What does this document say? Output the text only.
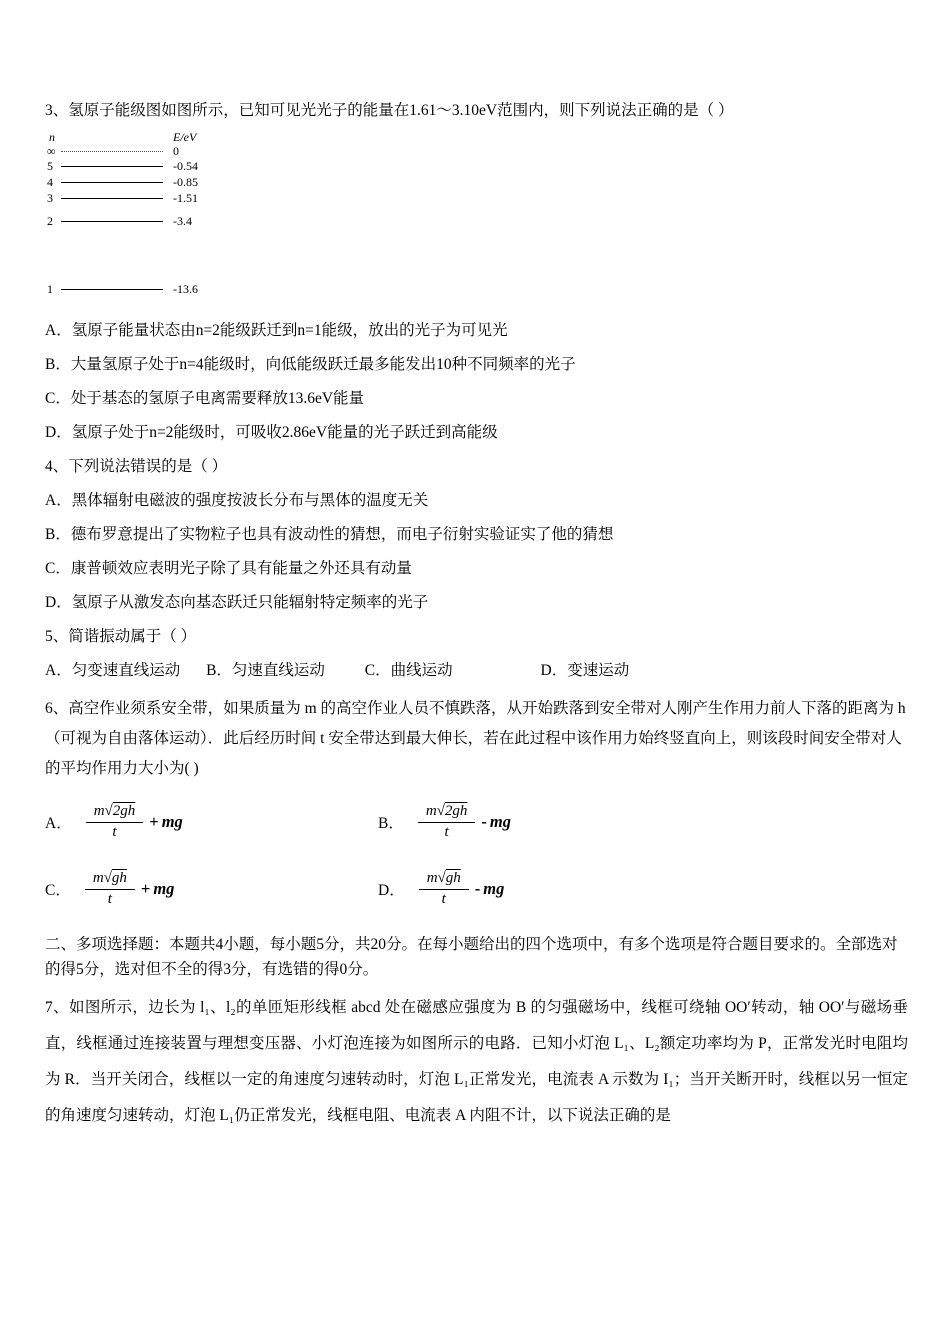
3、氢原子能级图如图所示，已知可见光光子的能量在1.61～3.10eV范围内，则下列说法正确的是（ ）

n	E/eV
∞	0
5	-0.54
4	-0.85
3	-1.51
2	-3.4
1	-13.6

A．氢原子能量状态由n=2能级跃迁到n=1能级，放出的光子为可见光

B．大量氢原子处于n=4能级时，向低能级跃迁最多能发出10种不同频率的光子

C．处于基态的氢原子电离需要释放13.6eV能量

D．氢原子处于n=2能级时，可吸收2.86eV能量的光子跃迁到高能级

4、下列说法错误的是（ ）

A．黑体辐射电磁波的强度按波长分布与黑体的温度无关

B．德布罗意提出了实物粒子也具有波动性的猜想，而电子衍射实验证实了他的猜想

C．康普顿效应表明光子除了具有能量之外还具有动量

D．氢原子从激发态向基态跃迁只能辐射特定频率的光子

5、简谐振动属于（ ）

A．匀变速直线运动 B．匀速直线运动	C．曲线运动	D．变速运动

6、高空作业须系安全带，如果质量为 m 的高空作业人员不慎跌落，从开始跌落到安全带对人刚产生作用力前人下落的距离为 h（可视为自由落体运动）．此后经历时间 t 安全带达到最大伸长，若在此过程中该作用力始终竖直向上，则该段时间安全带对人的平均作用力大小为( )

A． $\frac{m√2gh}{t}$ + mg	B． $\frac{m√2gh}{t}$ - mg
C． $\frac{m√gh}{t}$ + mg	D． $\frac{m√gh}{t}$ - mg

二、多项选择题：本题共4小题，每小题5分，共20分。在每小题给出的四个选项中，有多个选项是符合题目要求的。全部选对的得5分，选对但不全的得3分，有选错的得0分。

7、如图所示，边长为 l₁、l₂的单匝矩形线框 abcd 处在磁感应强度为 B 的匀强磁场中，线框可绕轴 OO′转动，轴 OO′与磁场垂直，线框通过连接装置与理想变压器、小灯泡连接为如图所示的电路．已知小灯泡 L₁、L₂额定功率均为 P，正常发光时电阻均为 R．当开关闭合，线框以一定的角速度匀速转动时，灯泡 L₁正常发光，电流表 A 示数为 I₁；当开关断开时，线框以另一恒定的角速度匀速转动，灯泡 L₁仍正常发光，线框电阻、电流表 A 内阻不计，以下说法正确的是
